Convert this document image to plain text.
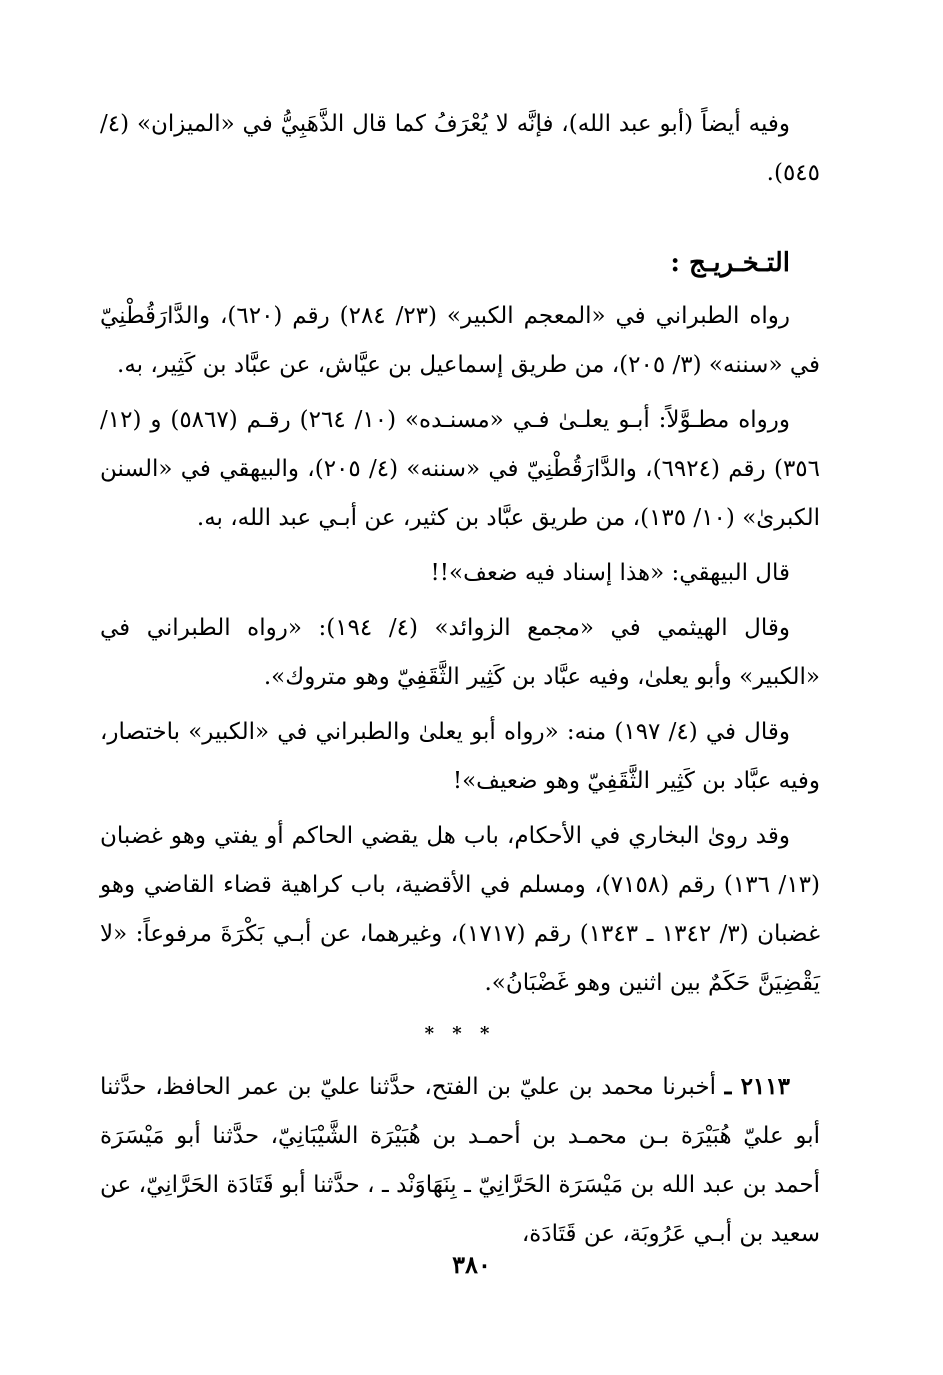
وفيه أيضاً (أبو عبد الله)، فإنَّه لا يُعْرَفُ كما قال الذَّهَبِيُّ في «الميزان» (٤/ ٥٤٥).

التـخـريـج :

رواه الطبراني في «المعجم الكبير» (٢٣/ ٢٨٤) رقم (٦٢٠)، والدَّارَقُطْنِيّ في «سننه» (٣/ ٢٠٥)، من طريق إسماعيل بن عيَّاش، عن عبَّاد بن كَثِير، به.

ورواه مطـوَّلاً: أبـو يعلـىٰ فـي «مسنـده» (١٠/ ٢٦٤) رقـم (٥٨٦٧) و (١٢/ ٣٥٦) رقم (٦٩٢٤)، والدَّارَقُطْنِيّ في «سننه» (٤/ ٢٠٥)، والبيهقي في «السنن الكبرىٰ» (١٠/ ١٣٥)، من طريق عبَّاد بن كثير، عن أبـي عبد الله، به.

قال البيهقي: «هذا إسناد فيه ضعف»!!

وقال الهيثمي في «مجمع الزوائد» (٤/ ١٩٤): «رواه الطبراني في «الكبير» وأبو يعلىٰ، وفيه عبَّاد بن كَثِير الثَّقَفِيّ وهو متروك».

وقال في (٤/ ١٩٧) منه: «رواه أبو يعلىٰ والطبراني في «الكبير» باختصار، وفيه عبَّاد بن كَثِير الثَّقَفِيّ وهو ضعيف»!

وقد روىٰ البخاري في الأحكام، باب هل يقضي الحاكم أو يفتي وهو غضبان (١٣/ ١٣٦) رقم (٧١٥٨)، ومسلم في الأقضية، باب كراهية قضاء القاضي وهو غضبان (٣/ ١٣٤٢ ـ ١٣٤٣) رقم (١٧١٧)، وغيرهما، عن أبـي بَكْرَةَ مرفوعاً: «لا يَقْضِيَنَّ حَكَمٌ بين اثنين وهو غَضْبَانُ».

* * *

٢١١٣ ـ أخبرنا محمد بن عليّ بن الفتح، حدَّثنا عليّ بن عمر الحافظ، حدَّثنا أبو عليّ هُبَيْرَة بـن محمـد بن أحمـد بن هُبَيْرَة الشَّيْبَانِيّ، حدَّثنا أبو مَيْسَرَة أحمد بن عبد الله بن مَيْسَرَة الحَرَّانِيّ ـ بِنَهَاوَنْد ـ ، حدَّثنا أبو قَتَادَة الحَرَّانِيّ، عن سعيد بن أبـي عَرُوبَة، عن قَتَادَة،

٣٨٠
